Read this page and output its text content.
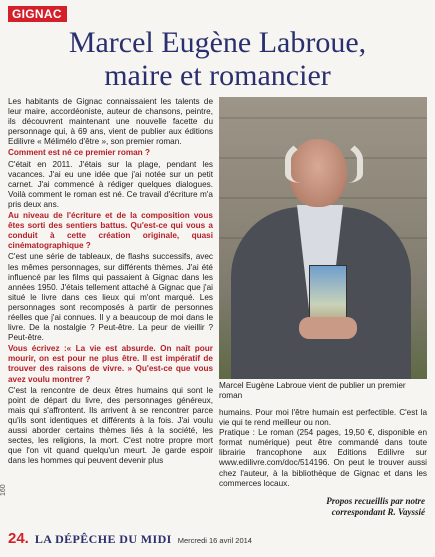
GIGNAC
Marcel Eugène Labroue,
maire et romancier

Les habitants de Gignac connaissaient les talents de leur maire, accordéoniste, auteur de chansons, peintre, ils découvrent maintenant une nouvelle facette du personnage qui, à 69 ans, vient de publier aux éditions Edilivre « Mélimélo d'être », son premier roman.

Comment est né ce premier roman ?

C'était en 2011. J'étais sur la plage, pendant les vacances. J'ai eu une idée que j'ai notée sur un petit carnet. J'ai commencé à rédiger quelques dialogues. Voilà comment le roman est né. Ce travail d'écriture m'a pris deux ans.

Au niveau de l'écriture et de la composition vous êtes sorti des sentiers battus. Qu'est-ce qui vous a conduit à cette création originale, quasi cinématographique ?

C'est une série de tableaux, de flashs successifs, avec les mêmes personnages, sur différents thèmes. J'ai été influencé par les films qui passaient à Gignac dans les années 1950. J'étais tellement attaché à Gignac que j'ai situé le livre dans ces lieux qui m'ont marqué. Les personnages sont recomposés à partir de personnes réelles que j'ai connues. Il y a beaucoup de moi dans le livre. De la nostalgie ? Peut-être. La peur de vieillir ? Peut-être.

Vous écrivez :« La vie est absurde. On naît pour mourir, on est pour ne plus être. Il est impératif de trouver des raisons de vivre. » Qu'est-ce que vous avez voulu montrer ?

C'est la rencontre de deux êtres humains qui sont le point de départ du livre, des personnages généreux, mais qui s'affrontent. Ils arrivent à se rencontrer parce qu'ils sont identiques et différents à la fois. J'ai voulu aussi aborder certains thèmes liés à la société, les sectes, les religions, la mort. C'est notre propre mort que l'on vit quand quelqu'un meurt. Je garde espoir dans les hommes qui peuvent devenir plus

Marcel Eugène Labroue vient de publier un premier roman

humains. Pour moi l'être humain est perfectible. C'est la vie qui te rend meilleur ou non.

Pratique : Le roman (254 pages, 19,50 €, disponible en format numérique) peut être commandé dans toute librairie francophone aux Editions Edilivre sur www.edilivre.com/doc/514196. On peut le trouver aussi chez l'auteur, à la bibliothèque de Gignac et dans les commerces locaux.

Propos recueillis par notre
correspondant R. Vayssié
160
24. LA DÉPÊCHE DU MIDI Mercredi 16 avril 2014
